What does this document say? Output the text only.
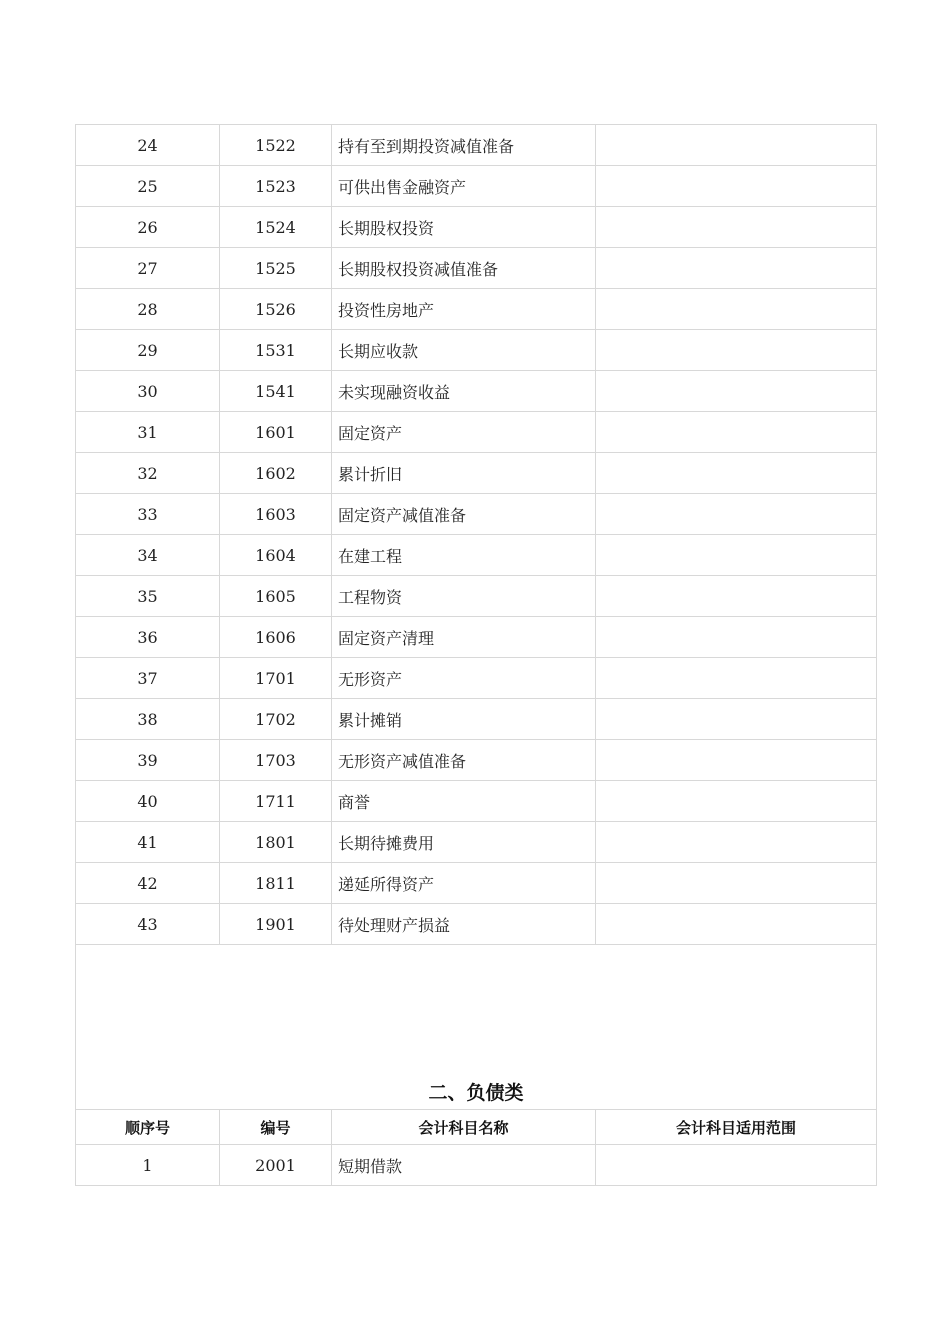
24	1522	持有至到期投资减值准备	
25	1523	可供出售金融资产	
26	1524	长期股权投资	
27	1525	长期股权投资减值准备	
28	1526	投资性房地产	
29	1531	长期应收款	
30	1541	未实现融资收益	
31	1601	固定资产	
32	1602	累计折旧	
33	1603	固定资产减值准备	
34	1604	在建工程	
35	1605	工程物资	
36	1606	固定资产清理	
37	1701	无形资产	
38	1702	累计摊销	
39	1703	无形资产减值准备	
40	1711	商誉	
41	1801	长期待摊费用	
42	1811	递延所得资产	
43	1901	待处理财产损益	

二、负债类			

顺序号	编号	会计科目名称	会计科目适用范围
1	2001	短期借款	
